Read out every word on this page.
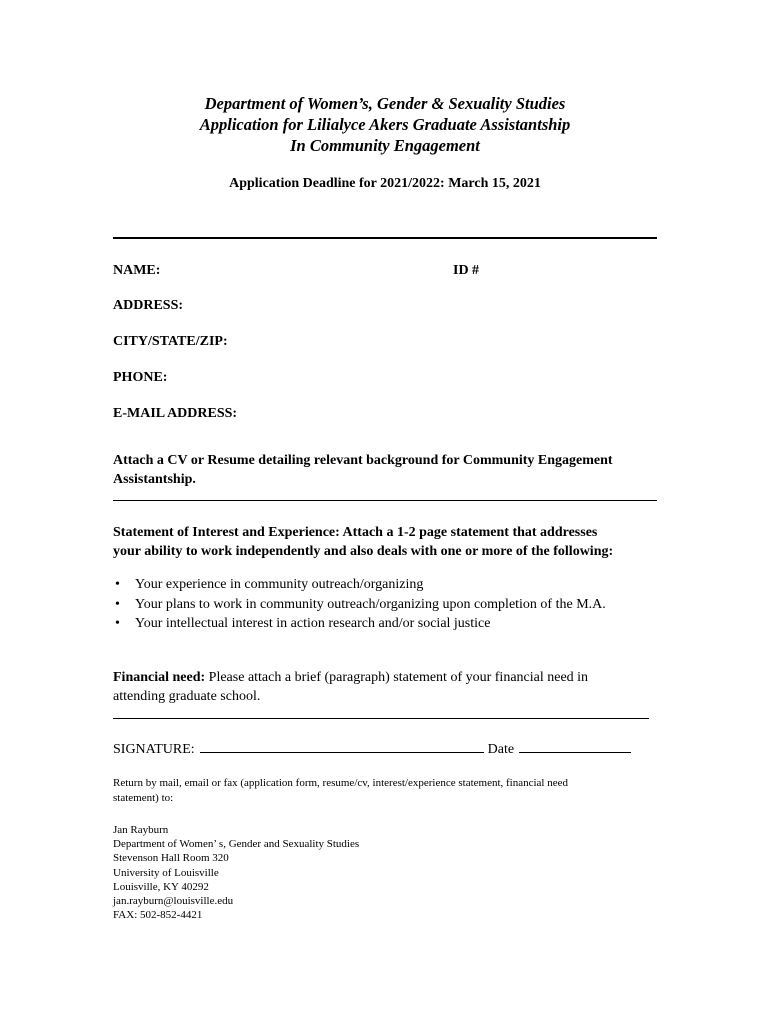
Department of Women’s, Gender & Sexuality Studies
Application for Lilialyce Akers Graduate Assistantship
In Community Engagement
Application Deadline for 2021/2022: March 15, 2021
NAME:	ID #
ADDRESS:
CITY/STATE/ZIP:
PHONE:
E-MAIL ADDRESS:
Attach a CV or Resume detailing relevant background for Community Engagement
Assistantship.
Statement of Interest and Experience: Attach a 1-2 page statement that addresses
your ability to work independently and also deals with one or more of the following:
• Your experience in community outreach/organizing
• Your plans to work in community outreach/organizing upon completion of the M.A.
• Your intellectual interest in action research and/or social justice
Financial need: Please attach a brief (paragraph) statement of your financial need in
attending graduate school.
SIGNATURE:	Date
Return by mail, email or fax (application form, resume/cv, interest/experience statement, financial need
statement) to:
Jan Rayburn
Department of Women’ s, Gender and Sexuality Studies
Stevenson Hall Room 320
University of Louisville
Louisville, KY 40292
jan.rayburn@louisville.edu
FAX: 502-852-4421
